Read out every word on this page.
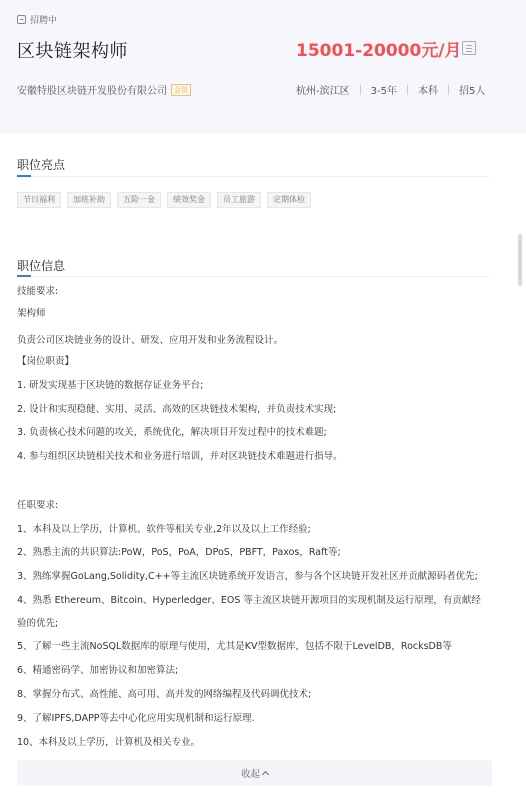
招聘中
区块链架构师	15001-20000元/月
安徽特股区块链开发股份有限公司	会员	杭州-滨江区 3-5年 本科 招5人
职位亮点
节日福利	加班补助	五险一金	绩效奖金	员工旅游	定期体检
职位信息
技能要求:
架构师
负责公司区块链业务的设计、研发、应用开发和业务流程设计。
【岗位职责】
1. 研发实现基于区块链的数据存证业务平台;
2. 设计和实现稳健、实用、灵活、高效的区块链技术架构，并负责技术实现;
3. 负责核心技术问题的攻关，系统优化，解决项目开发过程中的技术难题;
4. 参与组织区块链相关技术和业务进行培训，并对区块链技术难题进行指导。
任职要求:
1、本科及以上学历，计算机、软件等相关专业,2年以及以上工作经验;
2、熟悉主流的共识算法:PoW，PoS，PoA，DPoS，PBFT，Paxos，Raft等;
3、熟练掌握GoLang,Solidity,C++等主流区块链系统开发语言，参与各个区块链开发社区并贡献源码者优先;
4、熟悉 Ethereum、Bitcoin、Hyperledger、EOS 等主流区块链开源项目的实现机制及运行原理，有贡献经
验的优先;
5、了解一些主流NoSQL数据库的原理与使用，尤其是KV型数据库，包括不限于LevelDB，RocksDB等
6、精通密码学、加密协议和加密算法;
8、掌握分布式、高性能、高可用、高并发的网络编程及代码调优技术;
9、了解IPFS,DAPP等去中心化应用实现机制和运行原理.
10、本科及以上学历，计算机及相关专业。
收起
